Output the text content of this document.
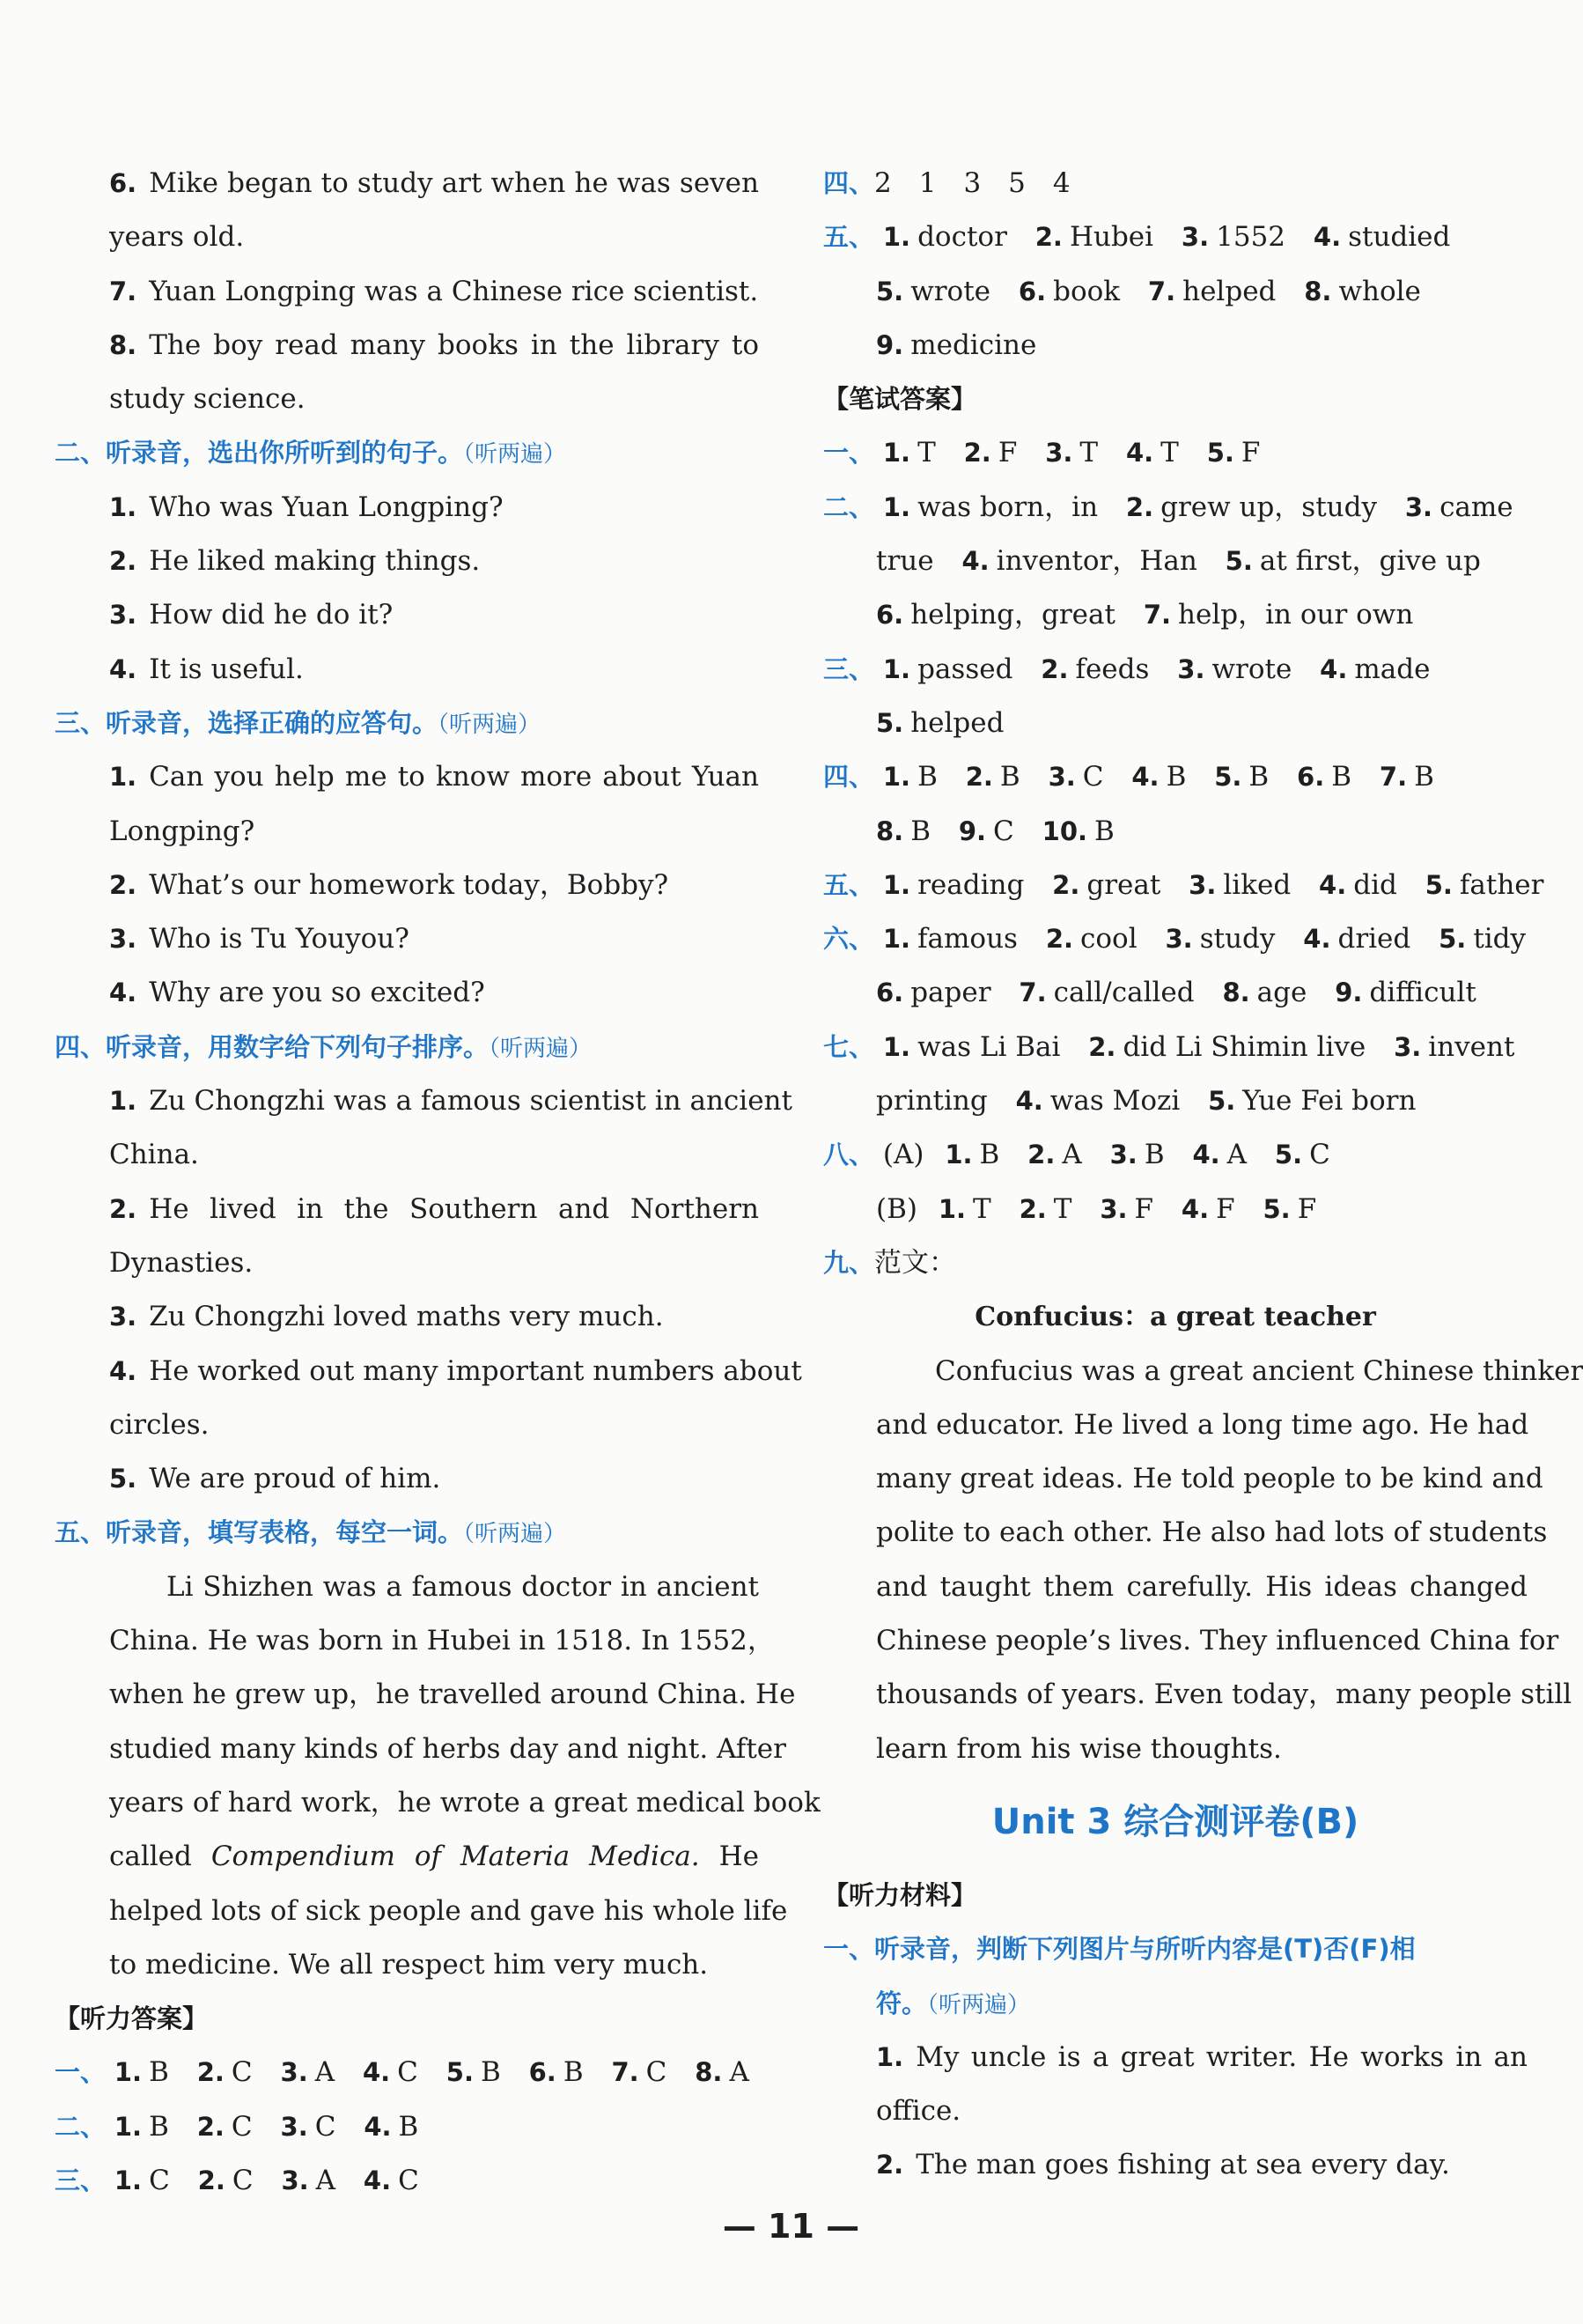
6. Mike began to study art when he was seven
years old.
7. Yuan Longping was a Chinese rice scientist.
8. The boy read many books in the library to
study science.
二、听录音，选出你所听到的句子。（听两遍）
1. Who was Yuan Longping?
2. He liked making things.
3. How did he do it?
4. It is useful.
三、听录音，选择正确的应答句。（听两遍）
1. Can you help me to know more about Yuan
Longping?
2. What’s our homework today，Bobby?
3. Who is Tu Youyou?
4. Why are you so excited?
四、听录音，用数字给下列句子排序。（听两遍）
1. Zu Chongzhi was a famous scientist in ancient
China.
2. He lived in the Southern and Northern
Dynasties.
3. Zu Chongzhi loved maths very much.
4. He worked out many important numbers about
circles.
5. We are proud of him.
五、听录音，填写表格，每空一词。（听两遍）
Li Shizhen was a famous doctor in ancient
China. He was born in Hubei in 1518. In 1552，
when he grew up，he travelled around China. He
studied many kinds of herbs day and night. After
years of hard work，he wrote a great medical book
called Compendium of Materia Medica. He
helped lots of sick people and gave his whole life
to medicine. We all respect him very much.
【听力答案】
一、 1. B 2. C 3. A 4. C 5. B 6. B 7. C 8. A
二、 1. B 2. C 3. C 4. B
三、 1. C 2. C 3. A 4. C
四、2　1　3　5　4
五、 1. doctor 2. Hubei 3. 1552 4. studied
5. wrote 6. book 7. helped 8. whole
9. medicine
【笔试答案】
一、 1. T 2. F 3. T 4. T 5. F
二、 1. was born，in 2. grew up，study 3. came
true 4. inventor，Han 5. at first，give up
6. helping，great 7. help，in our own
三、 1. passed 2. feeds 3. wrote 4. made
5. helped
四、 1. B 2. B 3. C 4. B 5. B 6. B 7. B
8. B 9. C 10. B
五、 1. reading 2. great 3. liked 4. did 5. father
六、 1. famous 2. cool 3. study 4. dried 5. tidy
6. paper 7. call/called 8. age 9. difficult
七、 1. was Li Bai 2. did Li Shimin live 3. invent
printing 4. was Mozi 5. Yue Fei born
八、 (A) 1. B 2. A 3. B 4. A 5. C
(B) 1. T 2. T 3. F 4. F 5. F
九、范文：
Confucius：a great teacher
Confucius was a great ancient Chinese thinker
and educator. He lived a long time ago. He had
many great ideas. He told people to be kind and
polite to each other. He also had lots of students
and taught them carefully. His ideas changed
Chinese people’s lives. They influenced China for
thousands of years. Even today，many people still
learn from his wise thoughts.
Unit 3 综合测评卷(B)
【听力材料】
一、听录音，判断下列图片与所听内容是(T)否(F)相
符。（听两遍）
1. My uncle is a great writer. He works in an
office.
2. The man goes fishing at sea every day.
— 11 —
